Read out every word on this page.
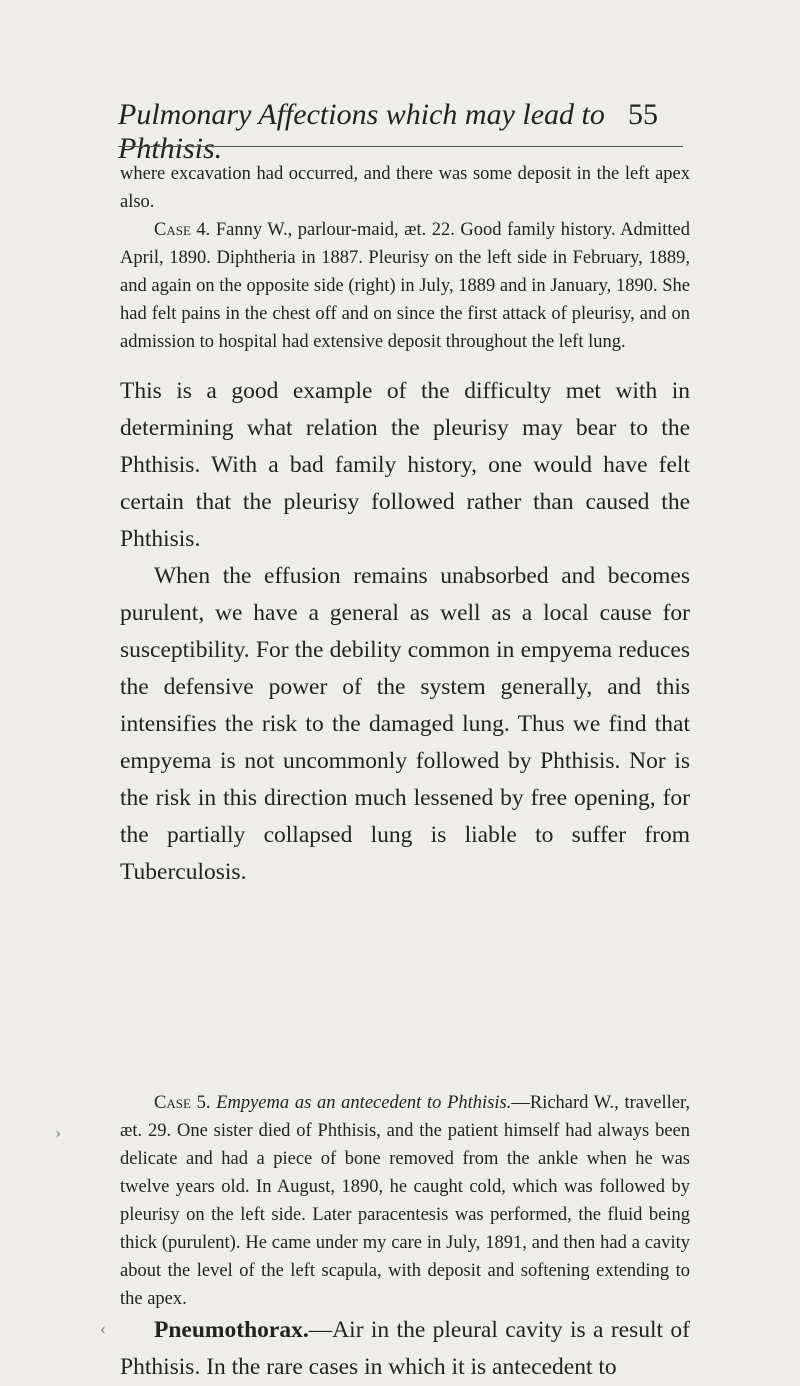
Pulmonary Affections which may lead to Phthisis.
55

where excavation had occurred, and there was some deposit in the left apex also.

Case 4. Fanny W., parlour-maid, æt. 22. Good family history. Admitted April, 1890. Diphtheria in 1887. Pleurisy on the left side in February, 1889, and again on the opposite side (right) in July, 1889 and in January, 1890. She had felt pains in the chest off and on since the first attack of pleurisy, and on admission to hospital had extensive deposit throughout the left lung.

This is a good example of the difficulty met with in determining what relation the pleurisy may bear to the Phthisis. With a bad family history, one would have felt certain that the pleurisy followed rather than caused the Phthisis.

When the effusion remains unabsorbed and becomes purulent, we have a general as well as a local cause for susceptibility. For the debility common in empyema reduces the defensive power of the system generally, and this intensifies the risk to the damaged lung. Thus we find that empyema is not uncommonly followed by Phthisis. Nor is the risk in this direction much lessened by free opening, for the partially collapsed lung is liable to suffer from Tuberculosis.

Case 5. Empyema as an antecedent to Phthisis.—Richard W., traveller, æt. 29. One sister died of Phthisis, and the patient himself had always been delicate and had a piece of bone removed from the ankle when he was twelve years old. In August, 1890, he caught cold, which was followed by pleurisy on the left side. Later paracentesis was performed, the fluid being thick (purulent). He came under my care in July, 1891, and then had a cavity about the level of the left scapula, with deposit and softening extending to the apex.

Pneumothorax.—Air in the pleural cavity is a result of Phthisis. In the rare cases in which it is antecedent to

›
‹
